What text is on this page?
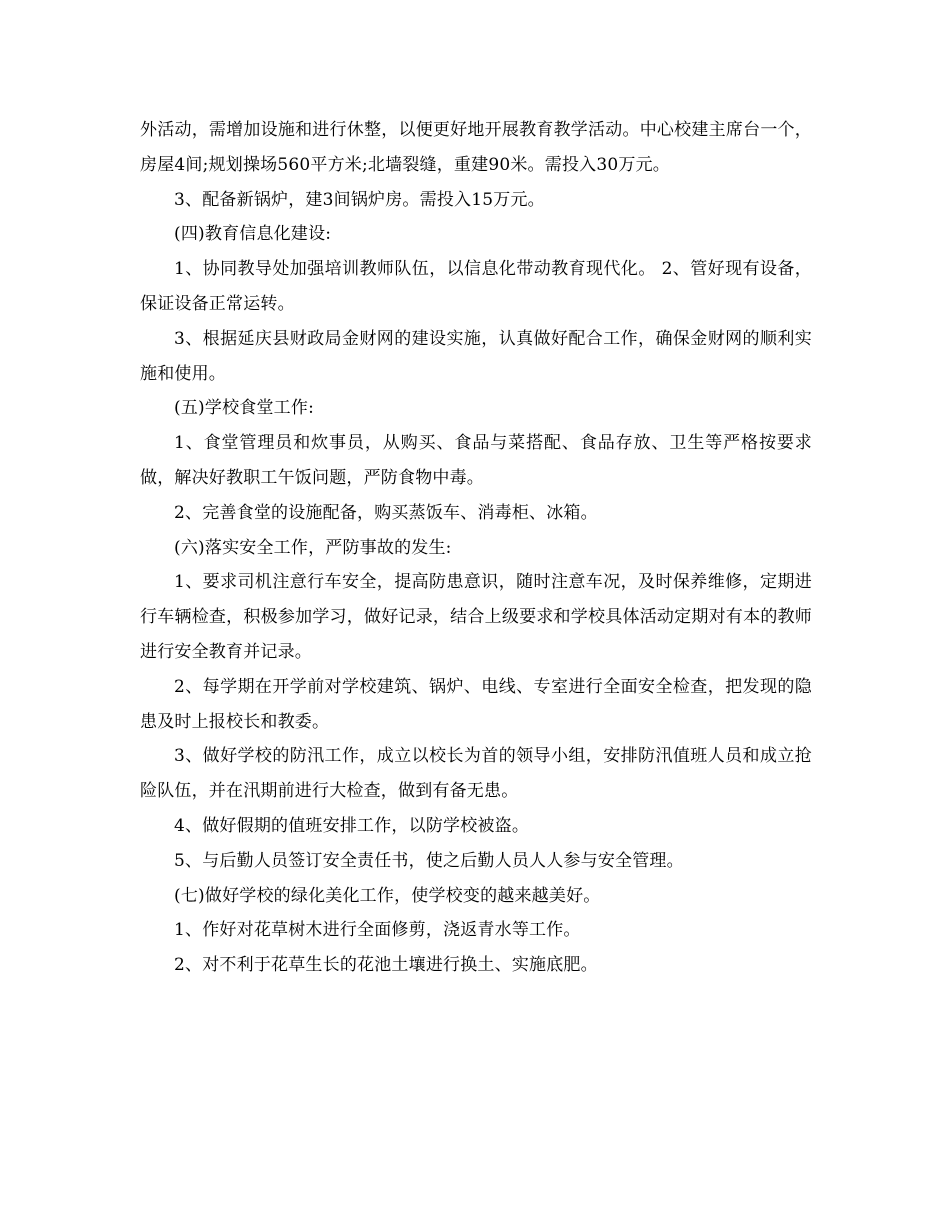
外活动，需增加设施和进行休整，以便更好地开展教育教学活动。中心校建主席台一个，房屋4间;规划操场560平方米;北墙裂缝，重建90米。需投入30万元。

3、配备新锅炉，建3间锅炉房。需投入15万元。

(四)教育信息化建设:

1、协同教导处加强培训教师队伍，以信息化带动教育现代化。 2、管好现有设备，保证设备正常运转。

3、根据延庆县财政局金财网的建设实施，认真做好配合工作，确保金财网的顺利实施和使用。

(五)学校食堂工作:

1、食堂管理员和炊事员，从购买、食品与菜搭配、食品存放、卫生等严格按要求做，解决好教职工午饭问题，严防食物中毒。

2、完善食堂的设施配备，购买蒸饭车、消毒柜、冰箱。

(六)落实安全工作，严防事故的发生:

1、要求司机注意行车安全，提高防患意识，随时注意车况，及时保养维修，定期进行车辆检查，积极参加学习，做好记录，结合上级要求和学校具体活动定期对有本的教师进行安全教育并记录。

2、每学期在开学前对学校建筑、锅炉、电线、专室进行全面安全检查，把发现的隐患及时上报校长和教委。

3、做好学校的防汛工作，成立以校长为首的领导小组，安排防汛值班人员和成立抢险队伍，并在汛期前进行大检查，做到有备无患。

4、做好假期的值班安排工作，以防学校被盗。

5、与后勤人员签订安全责任书，使之后勤人员人人参与安全管理。

(七)做好学校的绿化美化工作，使学校变的越来越美好。

1、作好对花草树木进行全面修剪，浇返青水等工作。

2、对不利于花草生长的花池土壤进行换土、实施底肥。
